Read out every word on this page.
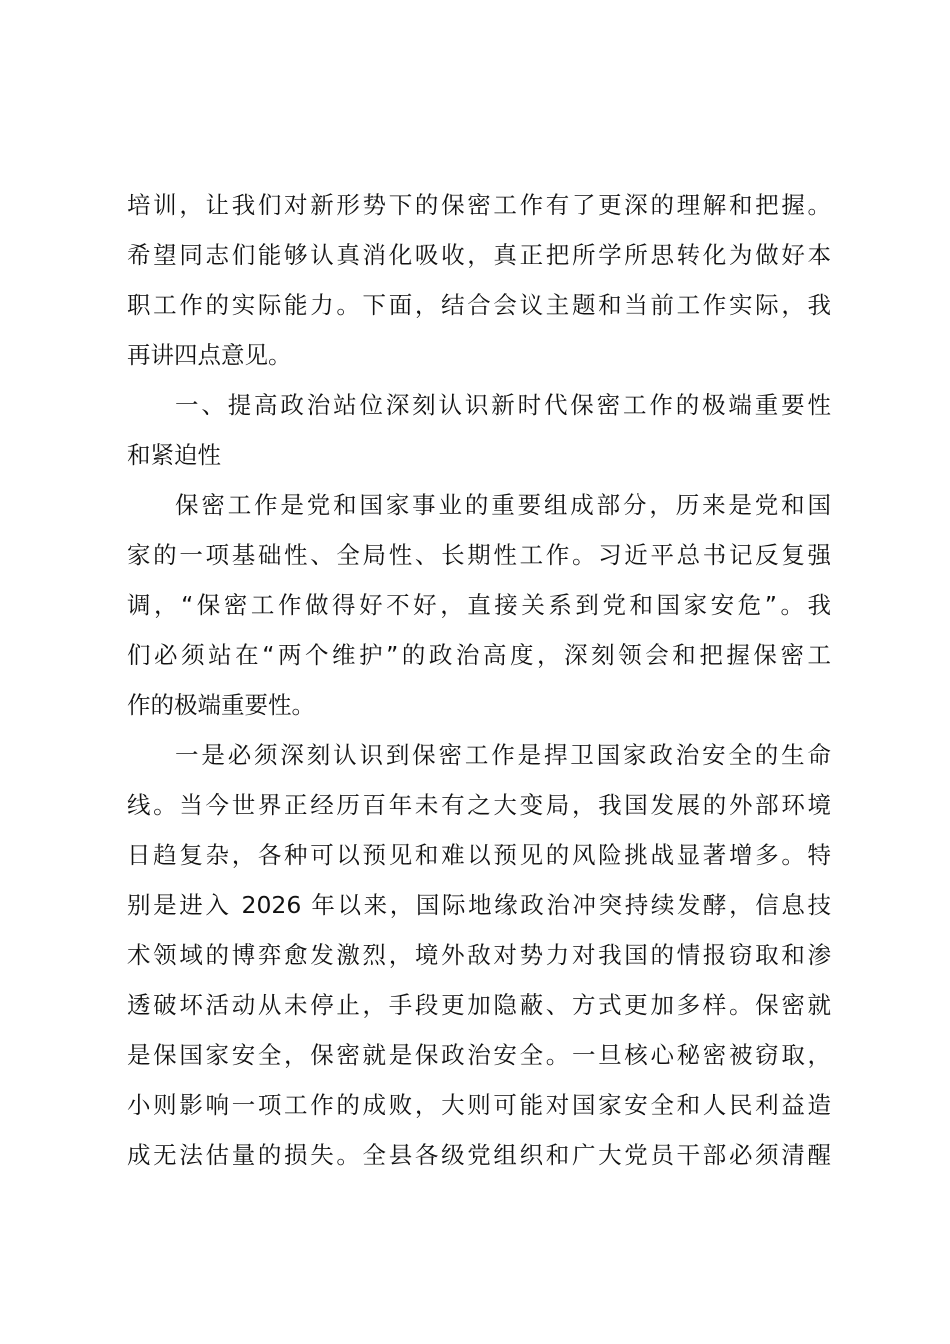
培训，让我们对新形势下的保密工作有了更深的理解和把握。
希望同志们能够认真消化吸收，真正把所学所思转化为做好本
职工作的实际能力。下面，结合会议主题和当前工作实际，我
再讲四点意见。
一、提高政治站位深刻认识新时代保密工作的极端重要性
和紧迫性
保密工作是党和国家事业的重要组成部分，历来是党和国
家的一项基础性、全局性、长期性工作。习近平总书记反复强
调，“保密工作做得好不好，直接关系到党和国家安危”。我
们必须站在“两个维护”的政治高度，深刻领会和把握保密工
作的极端重要性。
一是必须深刻认识到保密工作是捍卫国家政治安全的生命
线。当今世界正经历百年未有之大变局，我国发展的外部环境
日趋复杂，各种可以预见和难以预见的风险挑战显著增多。特
别是进入 2026 年以来，国际地缘政治冲突持续发酵，信息技
术领域的博弈愈发激烈，境外敌对势力对我国的情报窃取和渗
透破坏活动从未停止，手段更加隐蔽、方式更加多样。保密就
是保国家安全，保密就是保政治安全。一旦核心秘密被窃取，
小则影响一项工作的成败，大则可能对国家安全和人民利益造
成无法估量的损失。全县各级党组织和广大党员干部必须清醒
